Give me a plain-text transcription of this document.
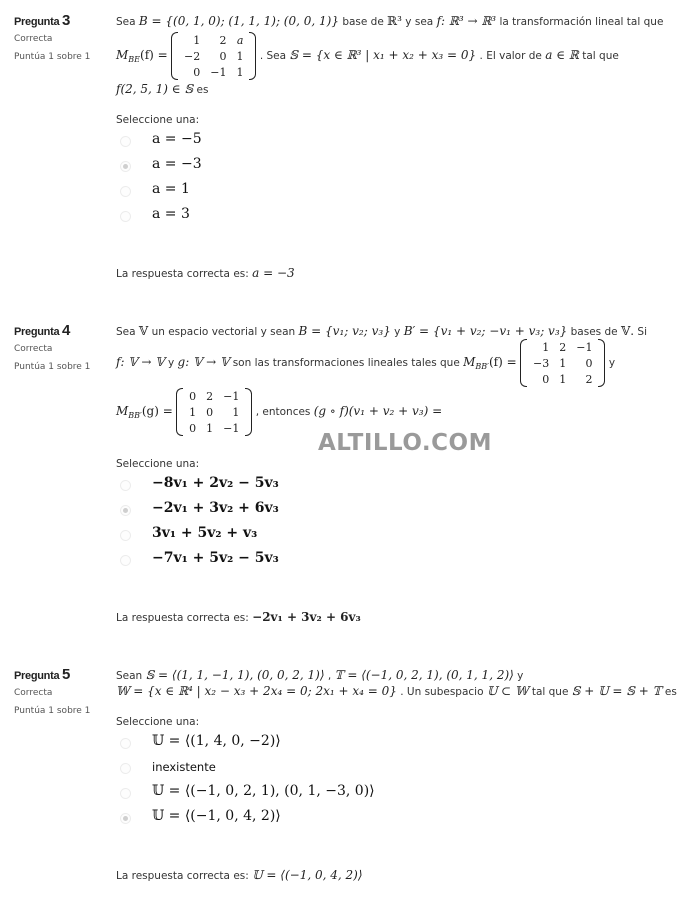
ALTILLO.COM
Pregunta 3
Correcta
Puntúa 1 sobre 1
Sea B = {(0, 1, 0); (1, 1, 1); (0, 0, 1)} base de ℝ³ y sea f: ℝ³ → ℝ³ la transformación lineal tal que
$M_{BE}(f)$ =
1	2	a
−2	0	1
0	−1	1
. Sea 𝕊 = {x ∈ ℝ³ | x₁ + x₂ + x₃ = 0} . El valor de a ∈ ℝ tal que
f(2, 5, 1) ∈ 𝕊 es
Seleccione una:
a = −5
a = −3
a = 1
a = 3
La respuesta correcta es: a = −3
Pregunta 4
Correcta
Puntúa 1 sobre 1
Sea 𝕍 un espacio vectorial y sean B = {v₁; v₂; v₃} y B′ = {v₁ + v₂; −v₁ + v₃; v₃} bases de 𝕍. Si
f: 𝕍 → 𝕍 y g: 𝕍 → 𝕍 son las transformaciones lineales tales que $M_{BB'}(f)$ =
1	2	−1
−3	1	0
0	1	2
y
$M_{BB'}(g)$ =
0	2	−1
1	0	1
0	1	−1
, entonces (g ∘ f)(v₁ + v₂ + v₃) =
Seleccione una:
−8v₁ + 2v₂ − 5v₃
−2v₁ + 3v₂ + 6v₃
3v₁ + 5v₂ + v₃
−7v₁ + 5v₂ − 5v₃
La respuesta correcta es: −2v₁ + 3v₂ + 6v₃
Pregunta 5
Correcta
Puntúa 1 sobre 1
Sean 𝕊 = ⟨(1, 1, −1, 1), (0, 0, 2, 1)⟩ , 𝕋 = ⟨(−1, 0, 2, 1), (0, 1, 1, 2)⟩ y
𝕎 = {x ∈ ℝ⁴ | x₂ − x₃ + 2x₄ = 0; 2x₁ + x₄ = 0} . Un subespacio 𝕌 ⊂ 𝕎 tal que 𝕊 + 𝕌 = 𝕊 + 𝕋 es
Seleccione una:
𝕌 = ⟨(1, 4, 0, −2)⟩
inexistente
𝕌 = ⟨(−1, 0, 2, 1), (0, 1, −3, 0)⟩
𝕌 = ⟨(−1, 0, 4, 2)⟩
La respuesta correcta es: 𝕌 = ⟨(−1, 0, 4, 2)⟩
